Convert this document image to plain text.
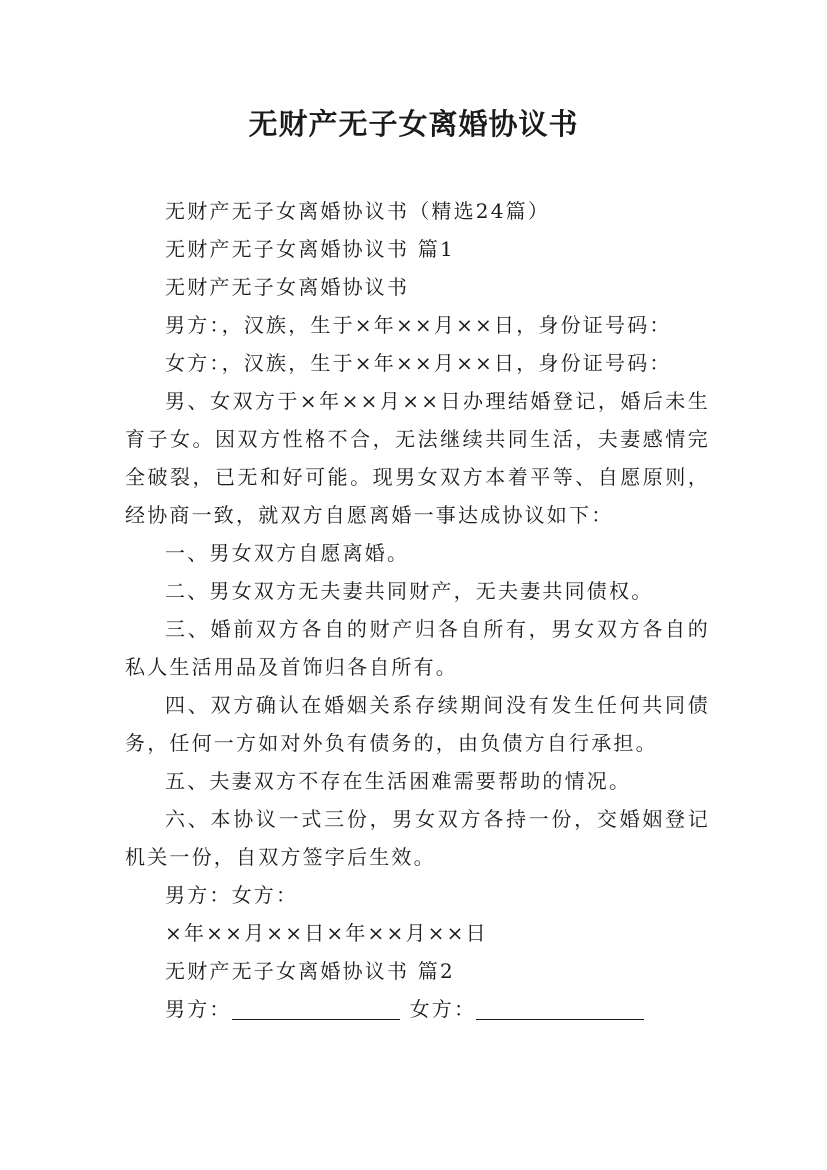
无财产无子女离婚协议书

无财产无子女离婚协议书（精选24篇）

无财产无子女离婚协议书 篇1

无财产无子女离婚协议书

男方：，汉族，生于×年××月××日，身份证号码：

女方：，汉族，生于×年××月××日，身份证号码：

男、女双方于×年××月××日办理结婚登记，婚后未生育子女。因双方性格不合，无法继续共同生活，夫妻感情完全破裂，已无和好可能。现男女双方本着平等、自愿原则，经协商一致，就双方自愿离婚一事达成协议如下：

一、男女双方自愿离婚。

二、男女双方无夫妻共同财产，无夫妻共同债权。

三、婚前双方各自的财产归各自所有，男女双方各自的私人生活用品及首饰归各自所有。

四、双方确认在婚姻关系存续期间没有发生任何共同债务，任何一方如对外负有债务的，由负债方自行承担。

五、夫妻双方不存在生活困难需要帮助的情况。

六、本协议一式三份，男女双方各持一份，交婚姻登记机关一份，自双方签字后生效。

男方：女方：

×年××月××日×年××月××日

无财产无子女离婚协议书 篇2

男方：	女方：
